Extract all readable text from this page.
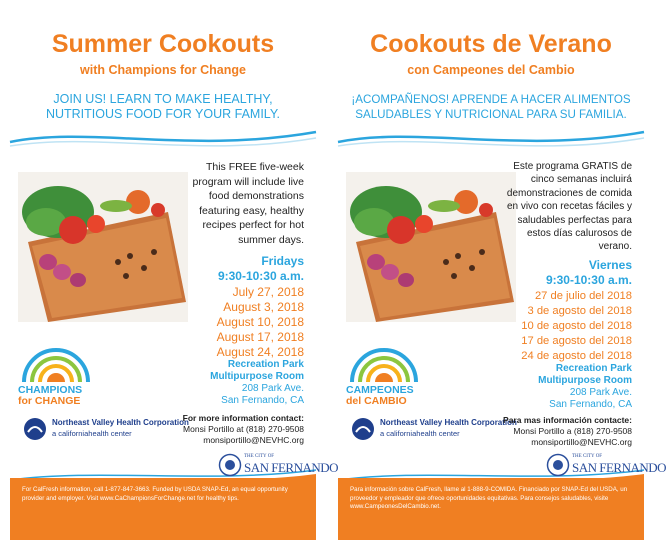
Summer Cookouts
with Champions for Change
JOIN US! LEARN TO MAKE HEALTHY,
NUTRITIOUS FOOD FOR YOUR FAMILY.
This FREE five-week
program will include live
food demonstrations
featuring easy, healthy
recipes perfect for hot
summer days.
Fridays
9:30-10:30 a.m.
July 27, 2018
August 3, 2018
August 10, 2018
August 17, 2018
August 24, 2018
Recreation Park
Multipurpose Room
208 Park Ave.
San Fernando, CA
CHAMPIONS
for CHANGE
Northeast Valley Health Corporation
a californiahealth center
For more information contact:
Monsi Portillo at (818) 270-9508
monsiportillo@NEVHC.org
THE CITY OF
SAN FERNANDO
For CalFresh information, call 1-877-847-3663. Funded by USDA SNAP-Ed, an equal opportunity provider and employer. Visit www.CaChampionsForChange.net for healthy tips.
Cookouts de Verano
con Campeones del Cambio
¡ACOMPAÑENOS! APRENDE A HACER ALIMENTOS
SALUDABLES Y NUTRICIONAL PARA SU FAMILIA.
Este programa GRATIS de
cinco semanas incluirá
demonstraciones de comida
en vivo con recetas fáciles y
saludables perfectas para
estos días calurosos de
verano.
Viernes
9:30-10:30 a.m.
27 de julio del 2018
3 de agosto del 2018
10 de agosto del 2018
17 de agosto del 2018
24 de agosto del 2018
Recreation Park
Multipurpose Room
208 Park Ave.
San Fernando, CA
CAMPEONES
del CAMBIO
Northeast Valley Health Corporation
a californiahealth center
Para mas información contacte:
Monsi Portillo a (818) 270-9508
monsiportillo@NEVHC.org
THE CITY OF
SAN FERNANDO
Para información sobre CalFresh, llame al 1-888-9-COMIDA. Financiado por SNAP-Ed del USDA, un proveedor y empleador que ofrece oportunidades equitativas. Para consejos saludables, visite www.CampeonesDelCambio.net.
